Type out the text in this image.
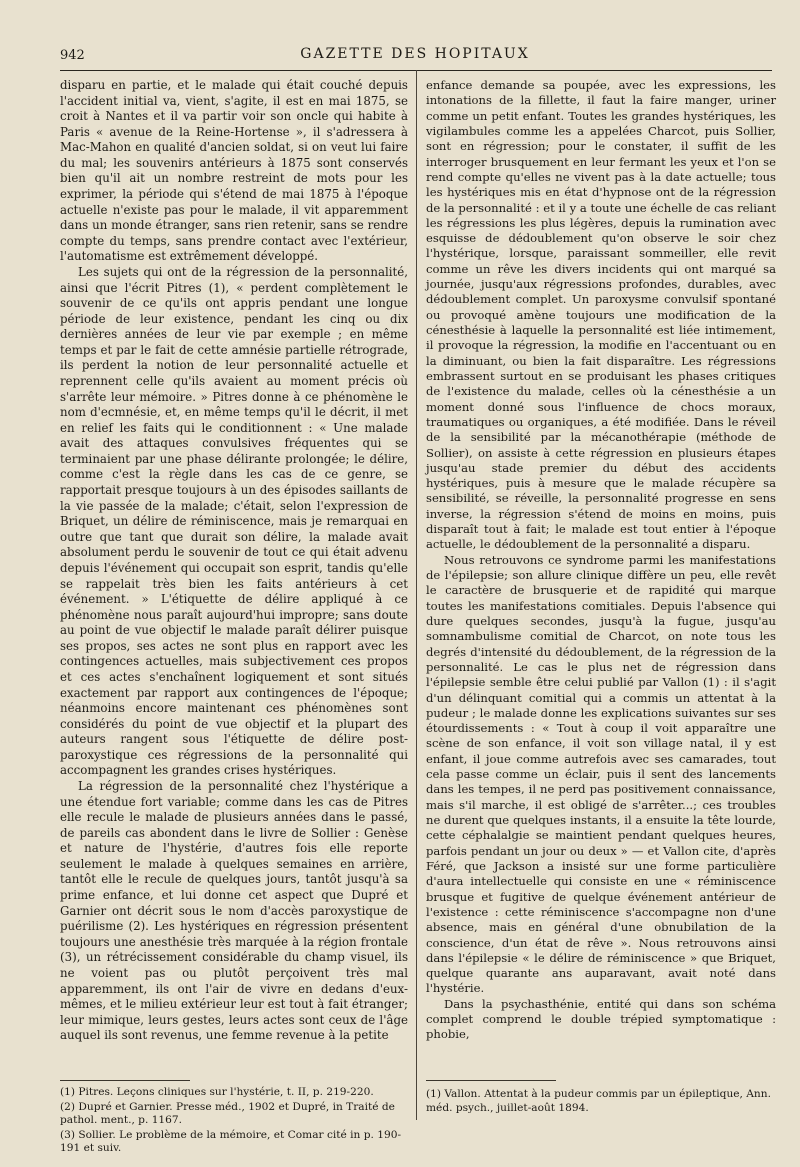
942	GAZETTE DES HOPITAUX

disparu en partie, et le malade qui était couché depuis l'accident initial va, vient, s'agite, il est en mai 1875, se croit à Nantes et il va partir voir son oncle qui habite à Paris « avenue de la Reine-Hortense », il s'adressera à Mac-Mahon en qualité d'ancien soldat, si on veut lui faire du mal; les souvenirs antérieurs à 1875 sont conservés bien qu'il ait un nombre restreint de mots pour les exprimer, la période qui s'étend de mai 1875 à l'époque actuelle n'existe pas pour le malade, il vit apparemment dans un monde étranger, sans rien retenir, sans se rendre compte du temps, sans prendre contact avec l'extérieur, l'automatisme est extrêmement développé.

Les sujets qui ont de la régression de la personnalité, ainsi que l'écrit Pitres (1), « perdent complètement le souvenir de ce qu'ils ont appris pendant une longue période de leur existence, pendant les cinq ou dix dernières années de leur vie par exemple ; en même temps et par le fait de cette amnésie partielle rétrograde, ils perdent la notion de leur personnalité actuelle et reprennent celle qu'ils avaient au moment précis où s'arrête leur mémoire. » Pitres donne à ce phénomène le nom d'ecmnésie, et, en même temps qu'il le décrit, il met en relief les faits qui le conditionnent : « Une malade avait des attaques convulsives fréquentes qui se terminaient par une phase délirante prolongée; le délire, comme c'est la règle dans les cas de ce genre, se rapportait presque toujours à un des épisodes saillants de la vie passée de la malade; c'était, selon l'expression de Briquet, un délire de réminiscence, mais je remarquai en outre que tant que durait son délire, la malade avait absolument perdu le souvenir de tout ce qui était advenu depuis l'événement qui occupait son esprit, tandis qu'elle se rappelait très bien les faits antérieurs à cet événement. » L'étiquette de délire appliqué à ce phénomène nous paraît aujourd'hui impropre; sans doute au point de vue objectif le malade paraît délirer puisque ses propos, ses actes ne sont plus en rapport avec les contingences actuelles, mais subjectivement ces propos et ces actes s'enchaînent logiquement et sont situés exactement par rapport aux contingences de l'époque; néanmoins encore maintenant ces phénomènes sont considérés du point de vue objectif et la plupart des auteurs rangent sous l'étiquette de délire post-paroxystique ces régressions de la personnalité qui accompagnent les grandes crises hystériques.

La régression de la personnalité chez l'hystérique a une étendue fort variable; comme dans les cas de Pitres elle recule le malade de plusieurs années dans le passé, de pareils cas abondent dans le livre de Sollier : Genèse et nature de l'hystérie, d'autres fois elle reporte seulement le malade à quelques semaines en arrière, tantôt elle le recule de quelques jours, tantôt jusqu'à sa prime enfance, et lui donne cet aspect que Dupré et Garnier ont décrit sous le nom d'accès paroxystique de puérilisme (2). Les hystériques en régression présentent toujours une anesthésie très marquée à la région frontale (3), un rétrécissement considérable du champ visuel, ils ne voient pas ou plutôt perçoivent très mal apparemment, ils ont l'air de vivre en dedans d'eux-mêmes, et le milieu extérieur leur est tout à fait étranger; leur mimique, leurs gestes, leurs actes sont ceux de l'âge auquel ils sont revenus, une femme revenue à la petite

enfance demande sa poupée, avec les expressions, les intonations de la fillette, il faut la faire manger, uriner comme un petit enfant. Toutes les grandes hystériques, les vigilambules comme les a appelées Charcot, puis Sollier, sont en régression; pour le constater, il suffit de les interroger brusquement en leur fermant les yeux et l'on se rend compte qu'elles ne vivent pas à la date actuelle; tous les hystériques mis en état d'hypnose ont de la régression de la personnalité : et il y a toute une échelle de cas reliant les régressions les plus légères, depuis la rumination avec esquisse de dédoublement qu'on observe le soir chez l'hystérique, lorsque, paraissant sommeiller, elle revit comme un rêve les divers incidents qui ont marqué sa journée, jusqu'aux régressions profondes, durables, avec dédoublement complet. Un paroxysme convulsif spontané ou provoqué amène toujours une modification de la cénesthésie à laquelle la personnalité est liée intimement, il provoque la régression, la modifie en l'accentuant ou en la diminuant, ou bien la fait disparaître. Les régressions embrassent surtout en se produisant les phases critiques de l'existence du malade, celles où la cénesthésie a un moment donné sous l'influence de chocs moraux, traumatiques ou organiques, a été modifiée. Dans le réveil de la sensibilité par la mécanothérapie (méthode de Sollier), on assiste à cette régression en plusieurs étapes jusqu'au stade premier du début des accidents hystériques, puis à mesure que le malade récupère sa sensibilité, se réveille, la personnalité progresse en sens inverse, la régression s'étend de moins en moins, puis disparaît tout à fait; le malade est tout entier à l'époque actuelle, le dédoublement de la personnalité a disparu.

Nous retrouvons ce syndrome parmi les manifestations de l'épilepsie; son allure clinique diffère un peu, elle revêt le caractère de brusquerie et de rapidité qui marque toutes les manifestations comitiales. Depuis l'absence qui dure quelques secondes, jusqu'à la fugue, jusqu'au somnambulisme comitial de Charcot, on note tous les degrés d'intensité du dédoublement, de la régression de la personnalité. Le cas le plus net de régression dans l'épilepsie semble être celui publié par Vallon (1) : il s'agit d'un délinquant comitial qui a commis un attentat à la pudeur ; le malade donne les explications suivantes sur ses étourdissements : « Tout à coup il voit apparaître une scène de son enfance, il voit son village natal, il y est enfant, il joue comme autrefois avec ses camarades, tout cela passe comme un éclair, puis il sent des lancements dans les tempes, il ne perd pas positivement connaissance, mais s'il marche, il est obligé de s'arrêter...; ces troubles ne durent que quelques instants, il a ensuite la tête lourde, cette céphalalgie se maintient pendant quelques heures, parfois pendant un jour ou deux » — et Vallon cite, d'après Féré, que Jackson a insisté sur une forme particulière d'aura intellectuelle qui consiste en une « réminiscence brusque et fugitive de quelque événement antérieur de l'existence : cette réminiscence s'accompagne non d'une absence, mais en général d'une obnubilation de la conscience, d'un état de rêve ». Nous retrouvons ainsi dans l'épilepsie « le délire de réminiscence » que Briquet, quelque quarante ans auparavant, avait noté dans l'hystérie.

Dans la psychasthénie, entité qui dans son schéma complet comprend le double trépied symptomatique : phobie,

(1) Pitres. Leçons cliniques sur l'hystérie, t. II, p. 219-220.

(2) Dupré et Garnier. Presse méd., 1902 et Dupré, in Traité de pathol. ment., p. 1167.

(3) Sollier. Le problème de la mémoire, et Comar cité in p. 190-191 et suiv.

(1) Vallon. Attentat à la pudeur commis par un épileptique, Ann. méd. psych., juillet-août 1894.
